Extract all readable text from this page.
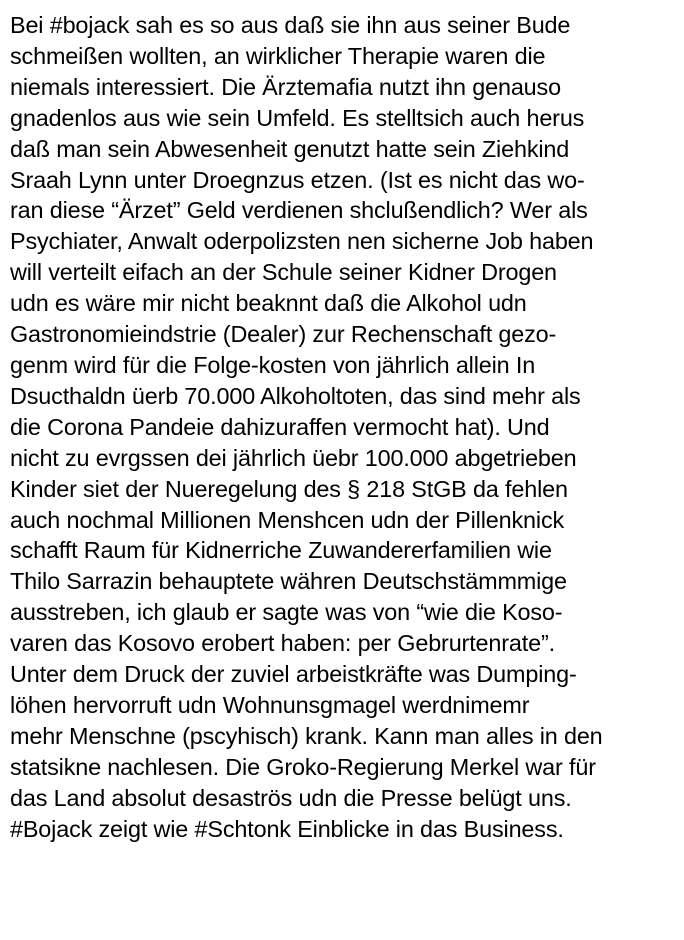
Bei #bojack sah es so aus daß sie ihn aus seiner Bude
schmeißen wollten, an wirklicher Therapie waren die
niemals interessiert. Die Ärztemafia nutzt ihn genauso
gnadenlos aus wie sein Umfeld. Es stelltsich auch herus
daß man sein Abwesenheit genutzt hatte sein Ziehkind
Sraah Lynn unter Droegnzus etzen. (Ist es nicht das wo-
ran diese “Ärzet” Geld verdienen shclußendlich? Wer als
Psychiater, Anwalt oderpolizsten nen sicherne Job haben
will verteilt eifach an der Schule seiner Kidner Drogen
udn es wäre mir nicht beaknnt daß die Alkohol udn
Gastronomieindstrie (Dealer) zur Rechenschaft gezo-
genm wird für die Folge-kosten von jährlich allein In
Dsucthaldn üerb 70.000 Alkoholtoten, das sind mehr als
die Corona Pandeie dahizuraffen vermocht hat). Und
nicht zu evrgssen dei jährlich üebr 100.000 abgetrieben
Kinder siet der Nueregelung des § 218 StGB da fehlen
auch nochmal Millionen Menshcen udn der Pillenknick
schafft Raum für Kidnerriche Zuwandererfamilien wie
Thilo Sarrazin behauptete währen Deutschstämmmige
ausstreben, ich glaub er sagte was von “wie die Koso-
varen das Kosovo erobert haben: per Gebrurtenrate”.
Unter dem Druck der zuviel arbeistkräfte was Dumping-
löhen hervorruft udn Wohnunsgmagel werdnimemr
mehr Menschne (pscyhisch) krank. Kann man alles in den
statsikne nachlesen. Die Groko-Regierung Merkel war für
das Land absolut desaströs udn die Presse belügt uns.
#Bojack zeigt wie #Schtonk Einblicke in das Business.
